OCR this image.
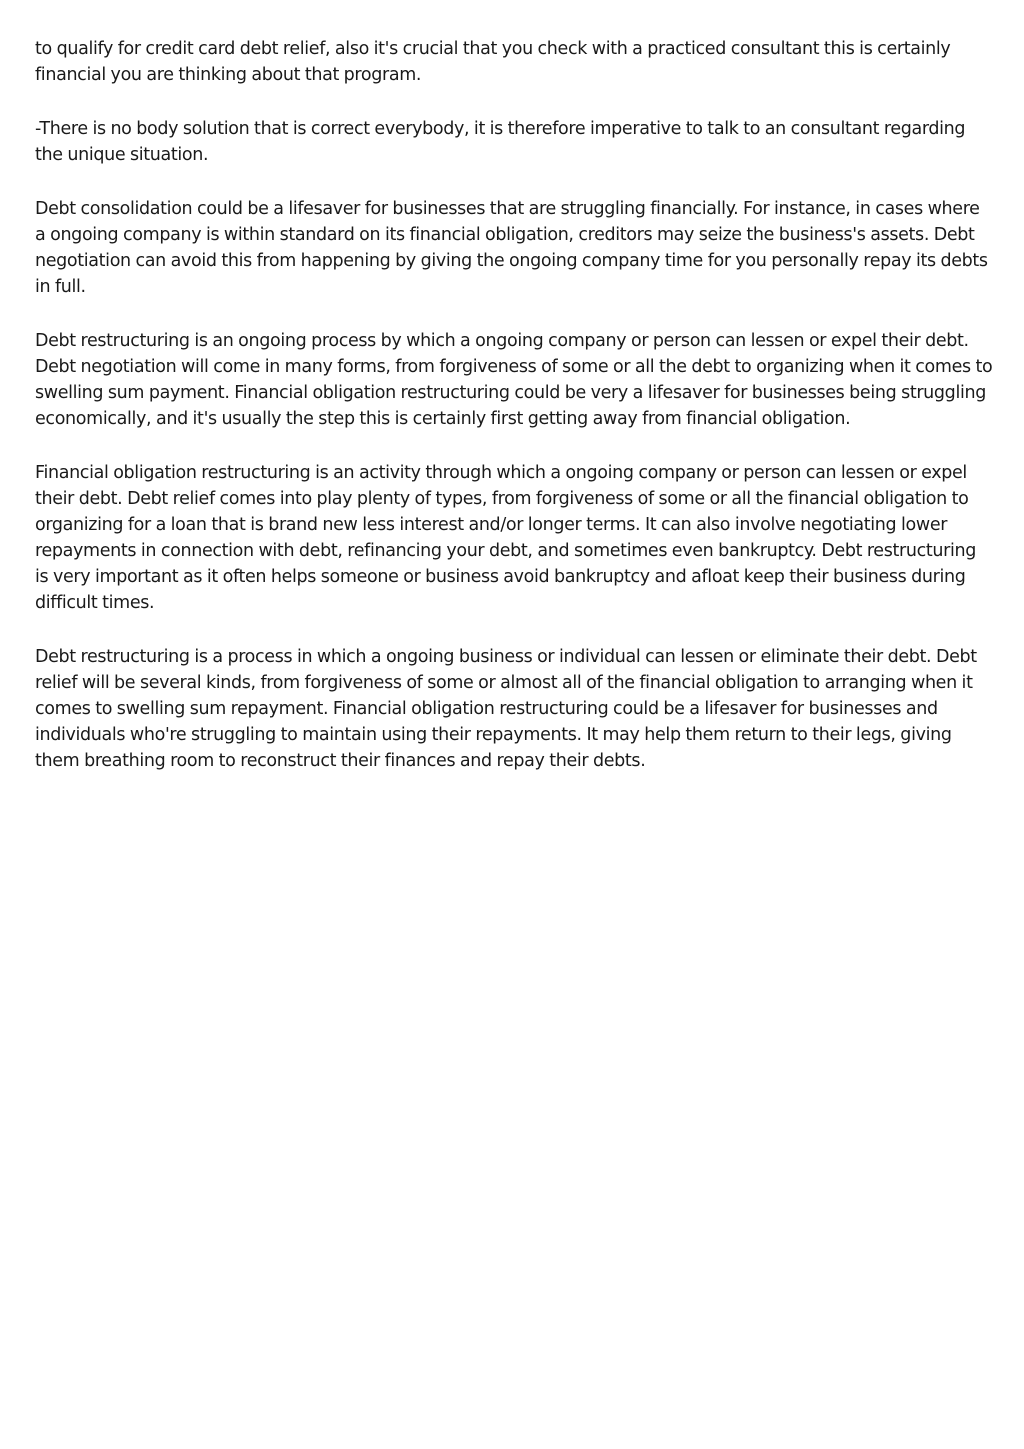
to qualify for credit card debt relief, also it's crucial that you check with a practiced consultant this is certainly financial you are thinking about that program.

-There is no body solution that is correct everybody, it is therefore imperative to talk to an consultant regarding the unique situation.

Debt consolidation could be a lifesaver for businesses that are struggling financially. For instance, in cases where a ongoing company is within standard on its financial obligation, creditors may seize the business's assets. Debt negotiation can avoid this from happening by giving the ongoing company time for you personally repay its debts in full.

Debt restructuring is an ongoing process by which a ongoing company or person can lessen or expel their debt. Debt negotiation will come in many forms, from forgiveness of some or all the debt to organizing when it comes to swelling sum payment. Financial obligation restructuring could be very a lifesaver for businesses being struggling economically, and it's usually the step this is certainly first getting away from financial obligation.

Financial obligation restructuring is an activity through which a ongoing company or person can lessen or expel their debt. Debt relief comes into play plenty of types, from forgiveness of some or all the financial obligation to organizing for a loan that is brand new less interest and/or longer terms. It can also involve negotiating lower repayments in connection with debt, refinancing your debt, and sometimes even bankruptcy. Debt restructuring is very important as it often helps someone or business avoid bankruptcy and afloat keep their business during difficult times.

Debt restructuring is a process in which a ongoing business or individual can lessen or eliminate their debt. Debt relief will be several kinds, from forgiveness of some or almost all of the financial obligation to arranging when it comes to swelling sum repayment. Financial obligation restructuring could be a lifesaver for businesses and individuals who're struggling to maintain using their repayments. It may help them return to their legs, giving them breathing room to reconstruct their finances and repay their debts.
